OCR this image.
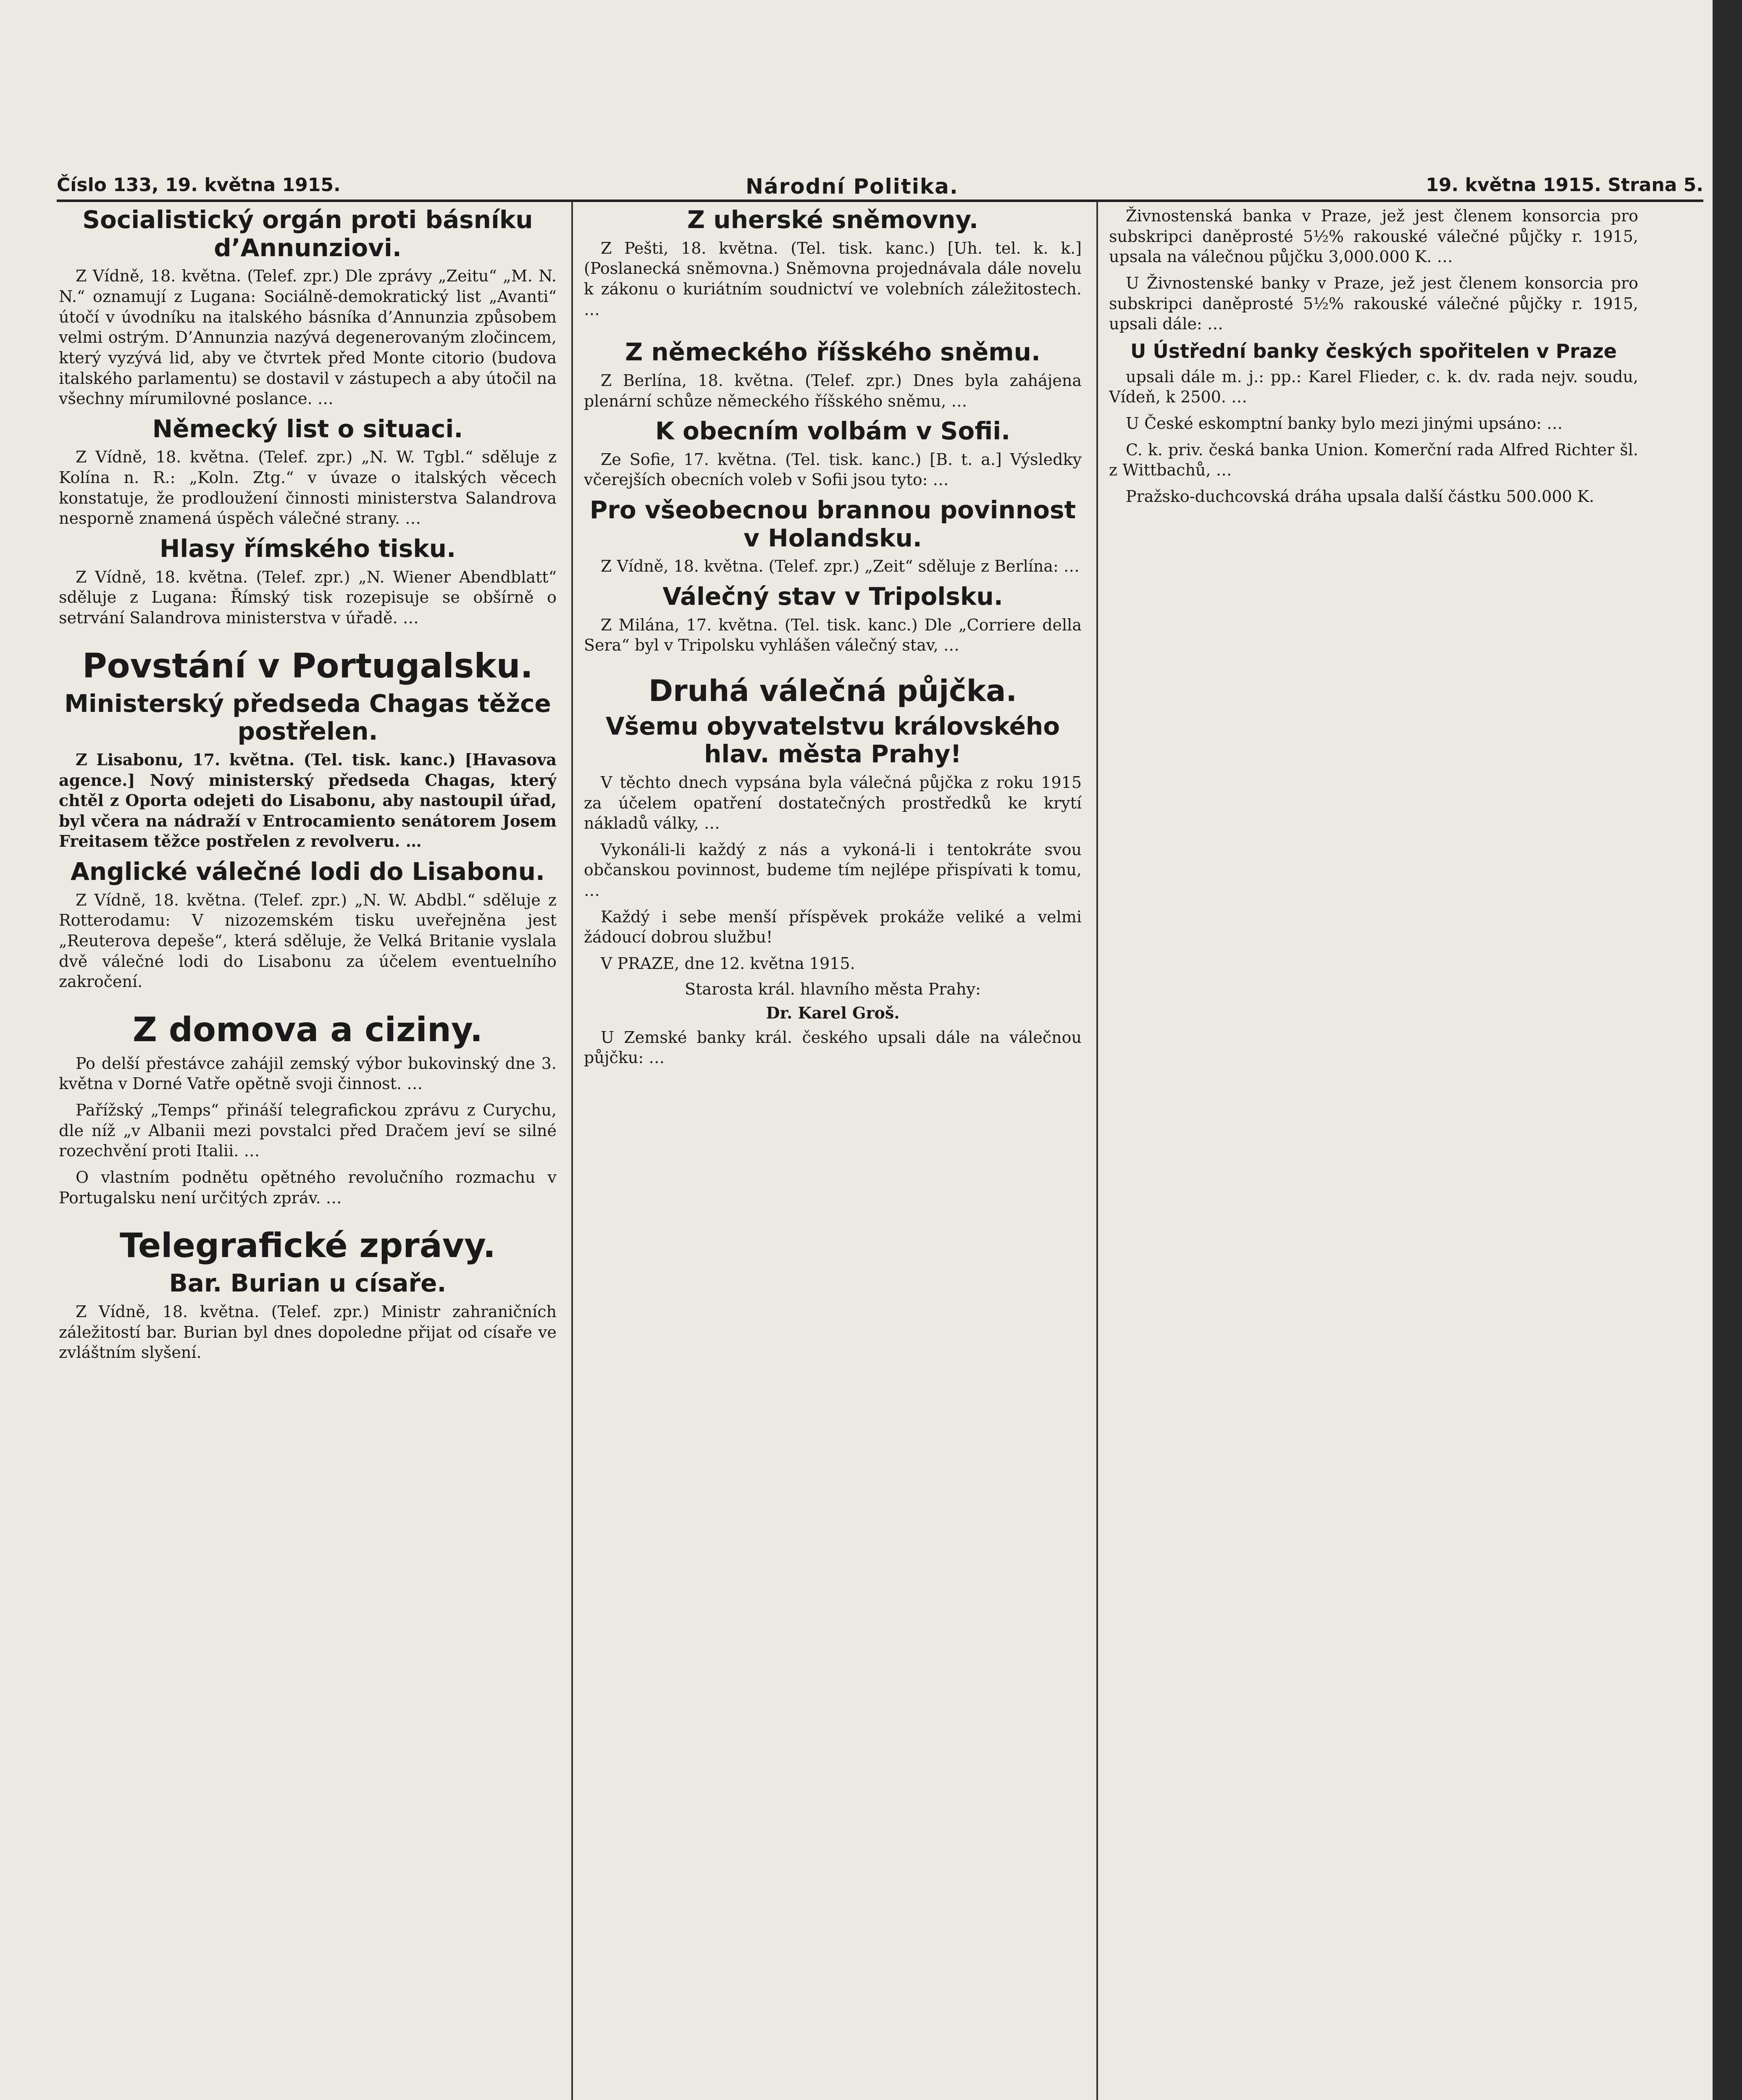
Číslo 133, 19. května 1915.	Národní Politika.	19. května 1915. Strana 5.
Socialistický orgán proti básníku d’Annunziovi.

Z Vídně, 18. května. (Telef. zpr.) Dle zprávy „Zeitu“ „M. N. N.“ oznamují z Lugana: Sociálně-demokratický list „Avanti“ útočí v úvodníku na italského básníka d’Annunzia způsobem velmi ostrým. D’Annunzia nazývá degenerovaným zločincem, který vyzývá lid, aby ve čtvrtek před Monte citorio (budova italského parlamentu) se dostavil v zástupech a aby útočil na všechny mírumilovné poslance. …

Německý list o situaci.

Z Vídně, 18. května. (Telef. zpr.) „N. W. Tgbl.“ sděluje z Kolína n. R.: „Koln. Ztg.“ v úvaze o italských věcech konstatuje, že prodloužení činnosti ministerstva Salandrova nesporně znamená úspěch válečné strany. …

Hlasy římského tisku.

Z Vídně, 18. května. (Telef. zpr.) „N. Wiener Abendblatt“ sděluje z Lugana: Římský tisk rozepisuje se obšírně o setrvání Salandrova ministerstva v úřadě. …

Povstání v Portugalsku.
Ministerský předseda Chagas těžce postřelen.

Z Lisabonu, 17. května. (Tel. tisk. kanc.) [Havasova agence.] Nový ministerský předseda Chagas, který chtěl z Oporta odejeti do Lisabonu, aby nastoupil úřad, byl včera na nádraží v Entrocamiento senátorem Josem Freitasem těžce postřelen z revolveru. …

Anglické válečné lodi do Lisabonu.

Z Vídně, 18. května. (Telef. zpr.) „N. W. Abdbl.“ sděluje z Rotterodamu: V nizozemském tisku uveřejněna jest „Reuterova depeše“, která sděluje, že Velká Britanie vyslala dvě válečné lodi do Lisabonu za účelem eventuelního zakročení.

Z domova a ciziny.

Po delší přestávce zahájil zemský výbor bukovinský dne 3. května v Dorné Vatře opětně svoji činnost. …

Pařížský „Temps“ přináší telegrafickou zprávu z Curychu, dle níž „v Albanii mezi povstalci před Dračem jeví se silné rozechvění proti Italii. …

O vlastním podnětu opětného revolučního rozmachu v Portugalsku není určitých zpráv. …

Telegrafické zprávy.
Bar. Burian u císaře.

Z Vídně, 18. května. (Telef. zpr.) Ministr zahraničních záležitostí bar. Burian byl dnes dopoledne přijat od císaře ve zvláštním slyšení.

Z uherské sněmovny.

Z Pešti, 18. května. (Tel. tisk. kanc.) [Uh. tel. k. k.] (Poslanecká sněmovna.) Sněmovna projednávala dále novelu k zákonu o kuriátním soudnictví ve volebních záležitostech. …

Z německého říšského sněmu.

Z Berlína, 18. května. (Telef. zpr.) Dnes byla zahájena plenární schůze německého říšského sněmu, …

K obecním volbám v Sofii.

Ze Sofie, 17. května. (Tel. tisk. kanc.) [B. t. a.] Výsledky včerejších obecních voleb v Sofii jsou tyto: …

Pro všeobecnou brannou povinnost v Holandsku.

Z Vídně, 18. května. (Telef. zpr.) „Zeit“ sděluje z Berlína: …

Válečný stav v Tripolsku.

Z Milána, 17. května. (Tel. tisk. kanc.) Dle „Corriere della Sera“ byl v Tripolsku vyhlášen válečný stav, …

Druhá válečná půjčka.
Všemu obyvatelstvu královského hlav. města Prahy!

V těchto dnech vypsána byla válečná půjčka z roku 1915 za účelem opatření dostatečných prostředků ke krytí nákladů války, …

Vykonáli-li každý z nás a vykoná-li i tentokráte svou občanskou povinnost, budeme tím nejlépe přispívati k tomu, …

Každý i sebe menší příspěvek prokáže veliké a velmi žádoucí dobrou službu!

V PRAZE, dne 12. května 1915.

Starosta král. hlavního města Prahy:
Dr. Karel Groš.

U Zemské banky král. českého upsali dále na válečnou půjčku: …

Živnostenská banka v Praze, jež jest členem konsorcia pro subskripci daněprosté 5½% rakouské válečné půjčky r. 1915, upsala na válečnou půjčku 3,000.000 K. …

U Živnostenské banky v Praze, jež jest členem konsorcia pro subskripci daněprosté 5½% rakouské válečné půjčky r. 1915, upsali dále: …

U Ústřední banky českých spořitelen v Praze

upsali dále m. j.: pp.: Karel Flieder, c. k. dv. rada nejv. soudu, Vídeň, k 2500. …

U České eskomptní banky bylo mezi jinými upsáno: …

C. k. priv. česká banka Union. Komerční rada Alfred Richter šl. z Wittbachů, …

Pražsko-duchcovská dráha upsala další částku 500.000 K.
